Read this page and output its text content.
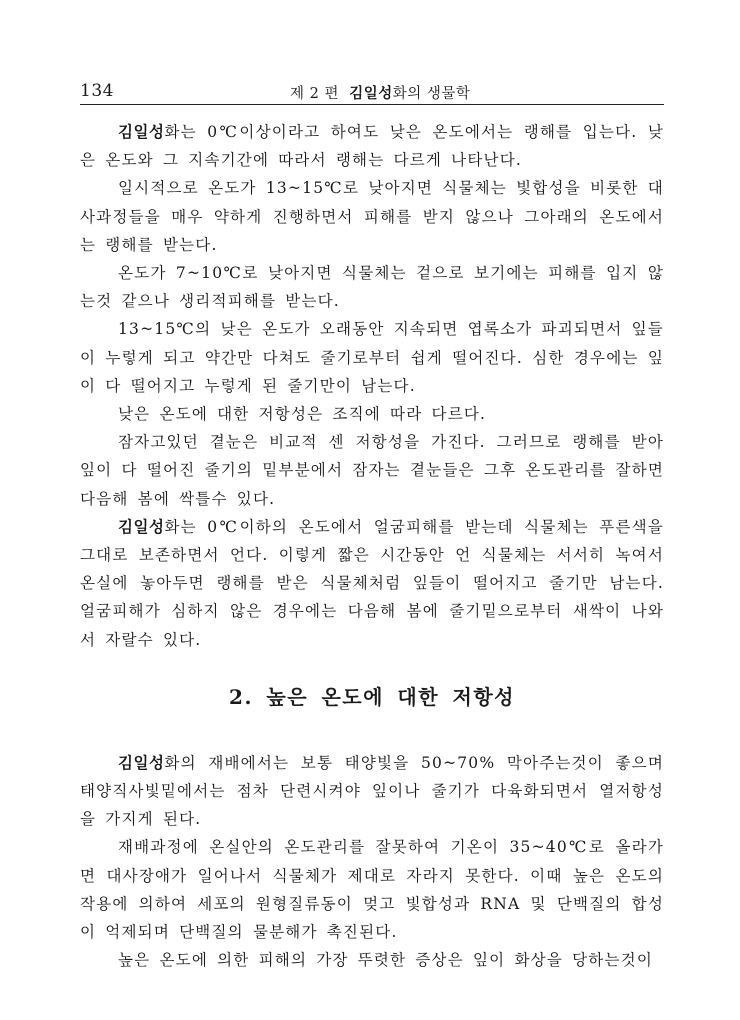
134	제 2 편 김일성화의 생물학

김일성화는 0℃이상이라고 하여도 낮은 온도에서는 랭해를 입는다. 낮은 온도와 그 지속기간에 따라서 랭해는 다르게 나타난다.

일시적으로 온도가 13~15℃로 낮아지면 식물체는 빛합성을 비롯한 대사과정들을 매우 약하게 진행하면서 피해를 받지 않으나 그아래의 온도에서는 랭해를 받는다.

온도가 7~10℃로 낮아지면 식물체는 겉으로 보기에는 피해를 입지 않는것 같으나 생리적피해를 받는다.

13~15℃의 낮은 온도가 오래동안 지속되면 엽록소가 파괴되면서 잎들이 누렇게 되고 약간만 다쳐도 줄기로부터 쉽게 떨어진다. 심한 경우에는 잎이 다 떨어지고 누렇게 된 줄기만이 남는다.

낮은 온도에 대한 저항성은 조직에 따라 다르다.

잠자고있던 곁눈은 비교적 센 저항성을 가진다. 그러므로 랭해를 받아 잎이 다 떨어진 줄기의 밑부분에서 잠자는 곁눈들은 그후 온도관리를 잘하면 다음해 봄에 싹틀수 있다.

김일성화는 0℃이하의 온도에서 얼굼피해를 받는데 식물체는 푸른색을 그대로 보존하면서 언다. 이렇게 짧은 시간동안 언 식물체는 서서히 녹여서 온실에 놓아두면 랭해를 받은 식물체처럼 잎들이 떨어지고 줄기만 남는다. 얼굼피해가 심하지 않은 경우에는 다음해 봄에 줄기밑으로부터 새싹이 나와서 자랄수 있다.

2. 높은 온도에 대한 저항성

김일성화의 재배에서는 보통 태양빛을 50~70% 막아주는것이 좋으며 태양직사빛밑에서는 점차 단련시켜야 잎이나 줄기가 다육화되면서 열저항성을 가지게 된다.

재배과정에 온실안의 온도관리를 잘못하여 기온이 35~40℃로 올라가면 대사장애가 일어나서 식물체가 제대로 자라지 못한다. 이때 높은 온도의 작용에 의하여 세포의 원형질류동이 멎고 빛합성과 RNA 및 단백질의 합성이 억제되며 단백질의 물분해가 촉진된다.

높은 온도에 의한 피해의 가장 뚜렷한 증상은 잎이 화상을 당하는것이
